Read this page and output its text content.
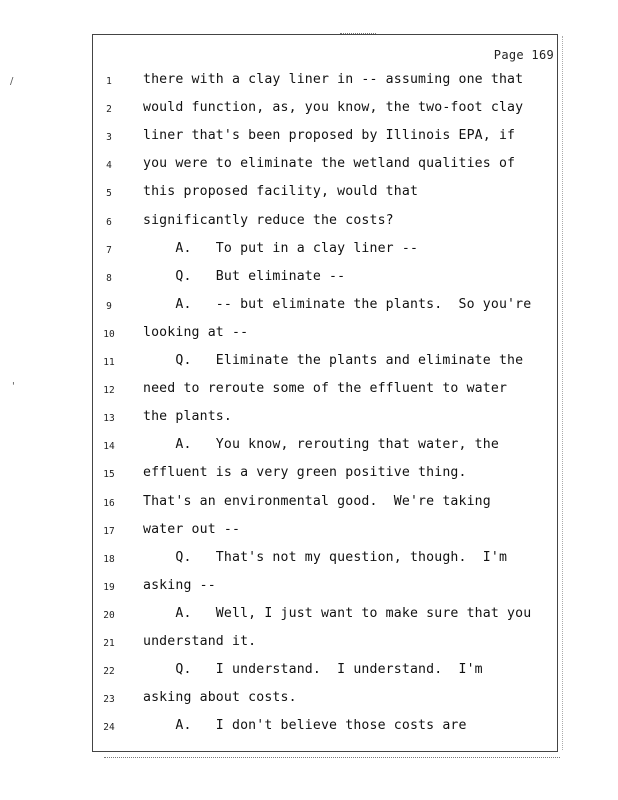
/
'
Page 169
1	there with a clay liner in -- assuming one that
2	would function, as, you know, the two-foot clay
3	liner that's been proposed by Illinois EPA, if
4	you were to eliminate the wetland qualities of
5	this proposed facility, would that
6	significantly reduce the costs?
7	A.   To put in a clay liner --
8	Q.   But eliminate --
9	A.   -- but eliminate the plants.  So you're
10	looking at --
11	Q.   Eliminate the plants and eliminate the
12	need to reroute some of the effluent to water
13	the plants.
14	A.   You know, rerouting that water, the
15	effluent is a very green positive thing.
16	That's an environmental good.  We're taking
17	water out --
18	Q.   That's not my question, though.  I'm
19	asking --
20	A.   Well, I just want to make sure that you
21	understand it.
22	Q.   I understand.  I understand.  I'm
23	asking about costs.
24	A.   I don't believe those costs are
